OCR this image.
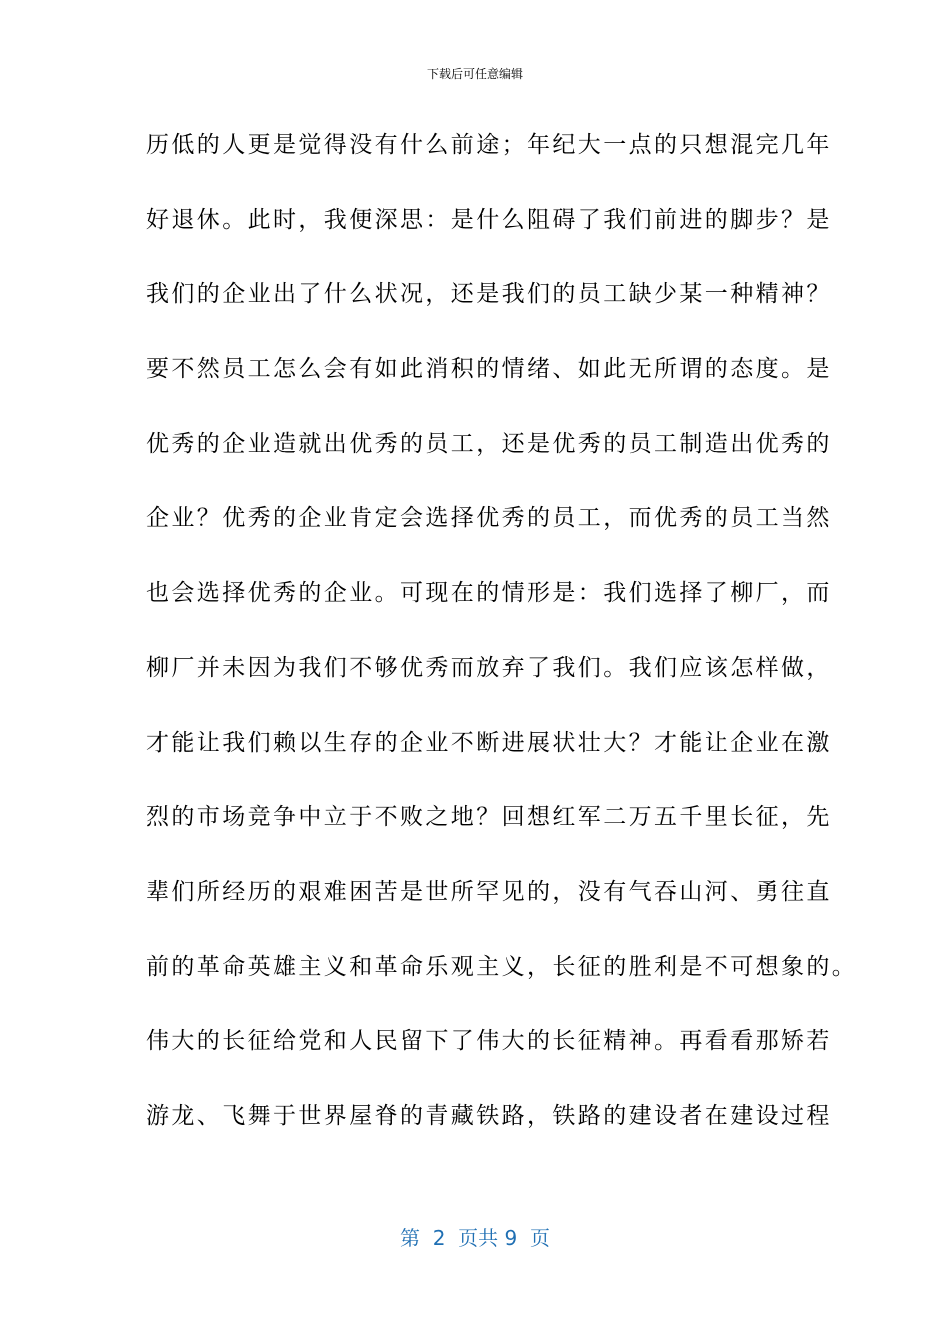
下载后可任意编辑
历低的人更是觉得没有什么前途；年纪大一点的只想混完几年
好退休。此时，我便深思：是什么阻碍了我们前进的脚步？是
我们的企业出了什么状况，还是我们的员工缺少某一种精神？
要不然员工怎么会有如此消积的情绪、如此无所谓的态度。是
优秀的企业造就出优秀的员工，还是优秀的员工制造出优秀的
企业？优秀的企业肯定会选择优秀的员工，而优秀的员工当然
也会选择优秀的企业。可现在的情形是：我们选择了柳厂，而
柳厂并未因为我们不够优秀而放弃了我们。我们应该怎样做，
才能让我们赖以生存的企业不断进展状壮大？才能让企业在激
烈的市场竞争中立于不败之地？回想红军二万五千里长征，先
辈们所经历的艰难困苦是世所罕见的，没有气吞山河、勇往直
前的革命英雄主义和革命乐观主义，长征的胜利是不可想象的。
伟大的长征给党和人民留下了伟大的长征精神。再看看那矫若
游龙、飞舞于世界屋脊的青藏铁路，铁路的建设者在建设过程
第  2  页共 9  页
